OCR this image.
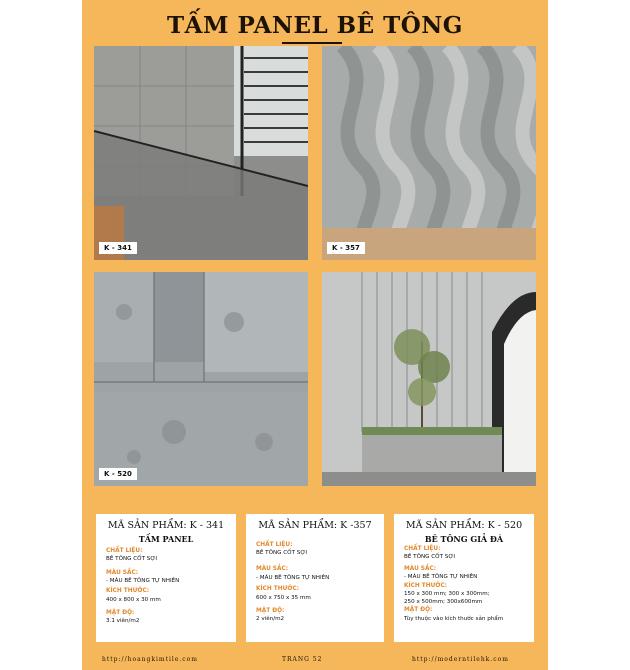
TẤM PANEL BÊ TÔNG
K - 341	K - 357
K - 520
MÃ SẢN PHẨM: K - 341
TẤM PANEL
CHẤT LIỆU:
BÊ TÔNG CỐT SỢI
MÀU SẮC:
- MÀU BÊ TÔNG TỰ NHIÊN
KÍCH THƯỚC:
400 x 800 x 30 mm
MẬT ĐỘ:
3.1 viên/m2
MÃ SẢN PHẨM: K -357
CHẤT LIỆU:
BÊ TÔNG CỐT SỢI
MÀU SẮC:
- MÀU BÊ TÔNG TỰ NHIÊN
KÍCH THƯỚC:
600 x 750 x 35 mm
MẬT ĐỘ:
2 viên/m2
MÃ SẢN PHẨM: K - 520
BÊ TÔNG GIẢ ĐÁ
CHẤT LIỆU:
BÊ TÔNG CỐT SỢI
MÀU SẮC:
- MÀU BÊ TÔNG TỰ NHIÊN
KÍCH THƯỚC:
150 x 300 mm; 300 x 300mm;
250 x 500mm; 300x600mm
MẬT ĐỘ:
Tùy thuộc vào kích thước sản phẩm
http://hoangkimtile.com	TRANG 52	http://moderntilehk.com
